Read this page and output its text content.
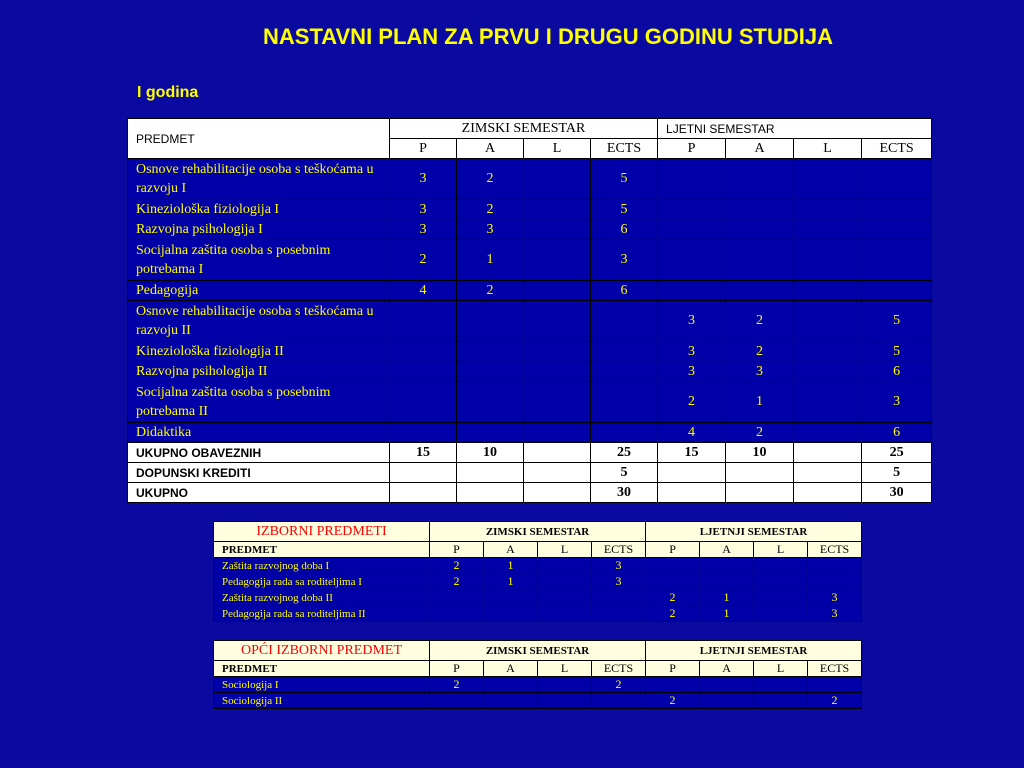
NASTAVNI PLAN ZA PRVU I DRUGU GODINU STUDIJA
I godina
PREDMET	ZIMSKI SEMESTAR				LJETNI SEMESTAR			
	P	A	L	ECTS	P	A	L	ECTS
Osnove rehabilitacije osoba s teškoćama u razvoju I	3	2		5				
Kineziološka fiziologija I	3	2		5				
Razvojna psihologija I	3	3		6				
Socijalna zaštita osoba s posebnim potrebama I	2	1		3				
Pedagogija	4	2		6				
Osnove rehabilitacije osoba s teškoćama u razvoju II					3	2		5
Kineziološka fiziologija II					3	2		5
Razvojna psihologija II					3	3		6
Socijalna zaštita osoba s posebnim potrebama II					2	1		3
Didaktika					4	2		6
UKUPNO OBAVEZNIH	15	10		25	15	10		25
DOPUNSKI KREDITI				5				5
UKUPNO				30				30
IZBORNI PREDMETI	ZIMSKI SEMESTAR				LJETNJI SEMESTAR			
PREDMET	P	A	L	ECTS	P	A	L	ECTS
Zaštita razvojnog doba I	2	1		3				
Pedagogija rada sa roditeljima I	2	1		3				
Zaštita razvojnog doba II					2	1		3
Pedagogija rada sa roditeljima II					2	1		3
OPĆI IZBORNI PREDMET	ZIMSKI SEMESTAR				LJETNJI SEMESTAR			
PREDMET	P	A	L	ECTS	P	A	L	ECTS
Sociologija I	2			2				
Sociologija II					2			2
